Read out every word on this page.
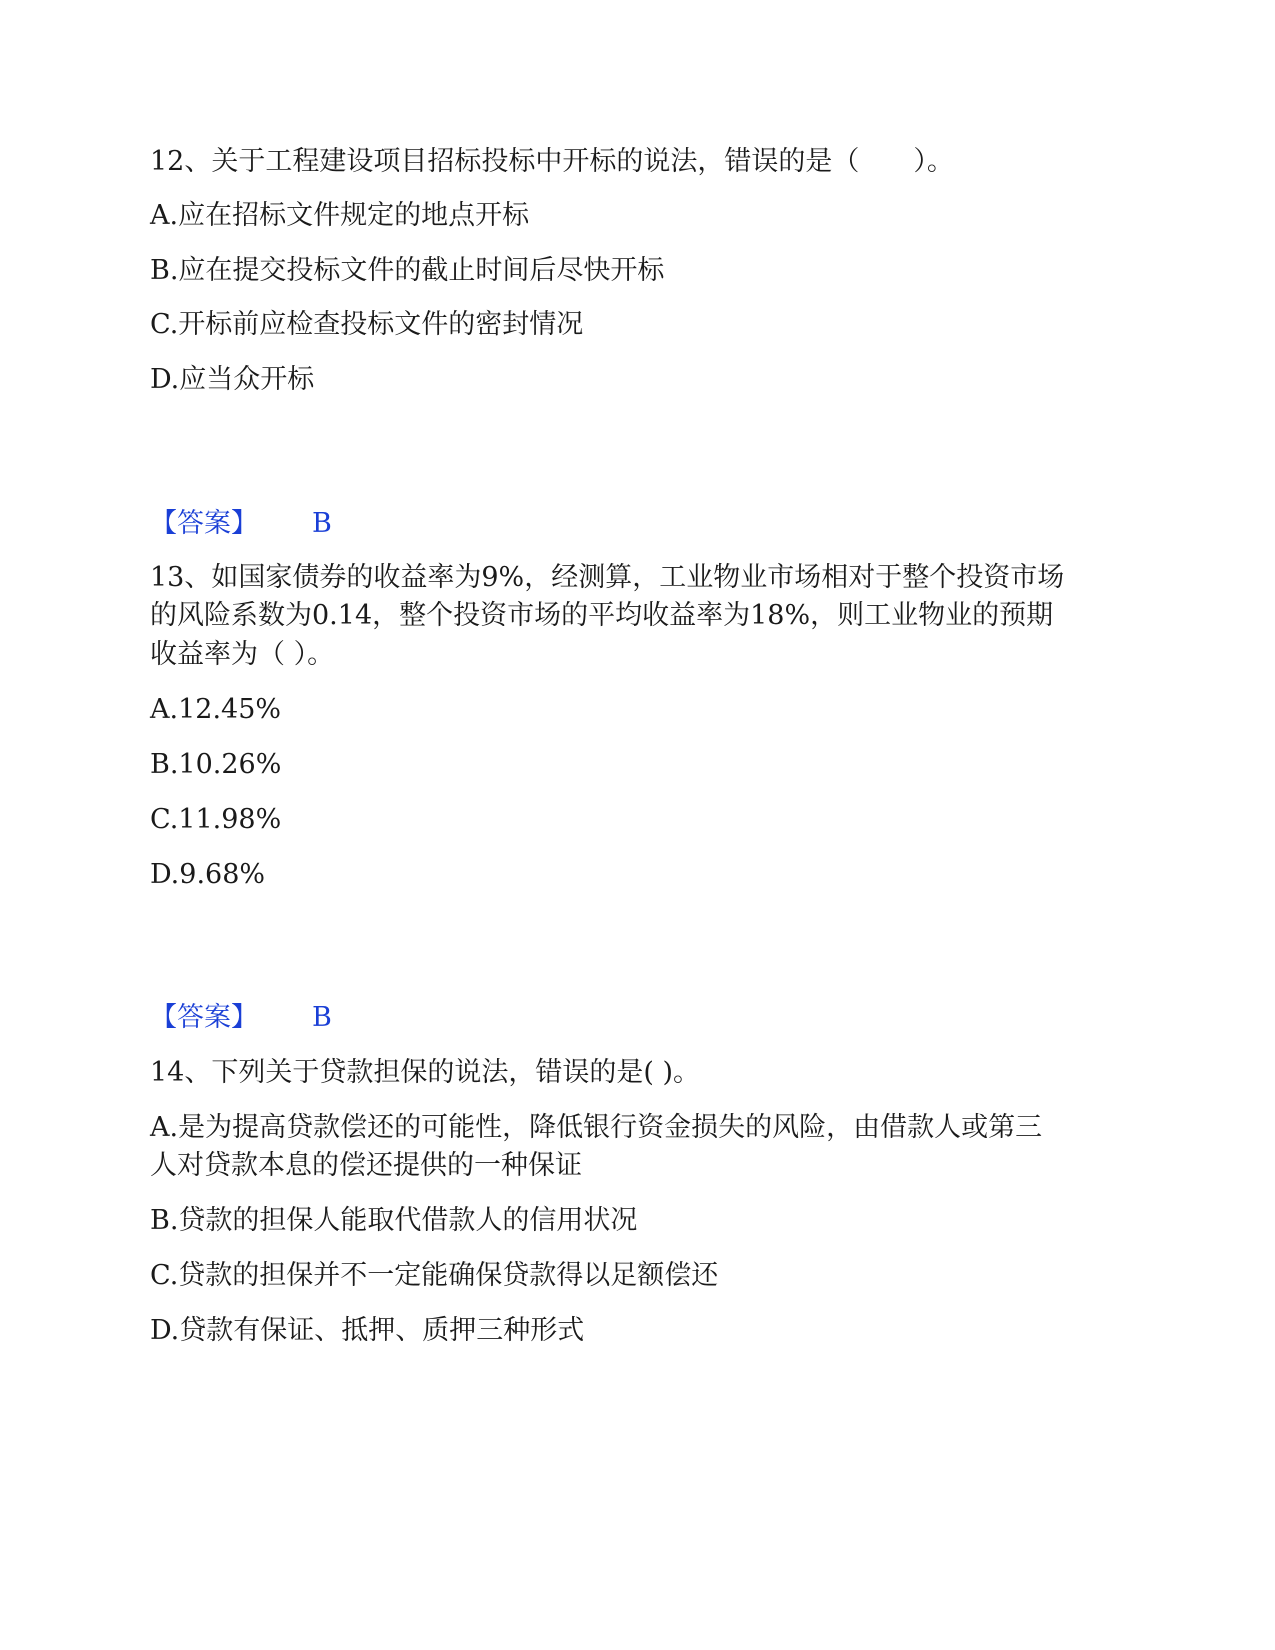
12、关于工程建设项目招标投标中开标的说法，错误的是（　　）。
A.应在招标文件规定的地点开标
B.应在提交投标文件的截止时间后尽快开标
C.开标前应检查投标文件的密封情况
D.应当众开标
【答案】 B
13、如国家债券的收益率为9%，经测算，工业物业市场相对于整个投资市场
的风险系数为0.14，整个投资市场的平均收益率为18%，则工业物业的预期
收益率为（ ）。
A.12.45%
B.10.26%
C.11.98%
D.9.68%
【答案】 B
14、下列关于贷款担保的说法，错误的是( )。
A.是为提高贷款偿还的可能性，降低银行资金损失的风险，由借款人或第三
人对贷款本息的偿还提供的一种保证
B.贷款的担保人能取代借款人的信用状况
C.贷款的担保并不一定能确保贷款得以足额偿还
D.贷款有保证、抵押、质押三种形式
